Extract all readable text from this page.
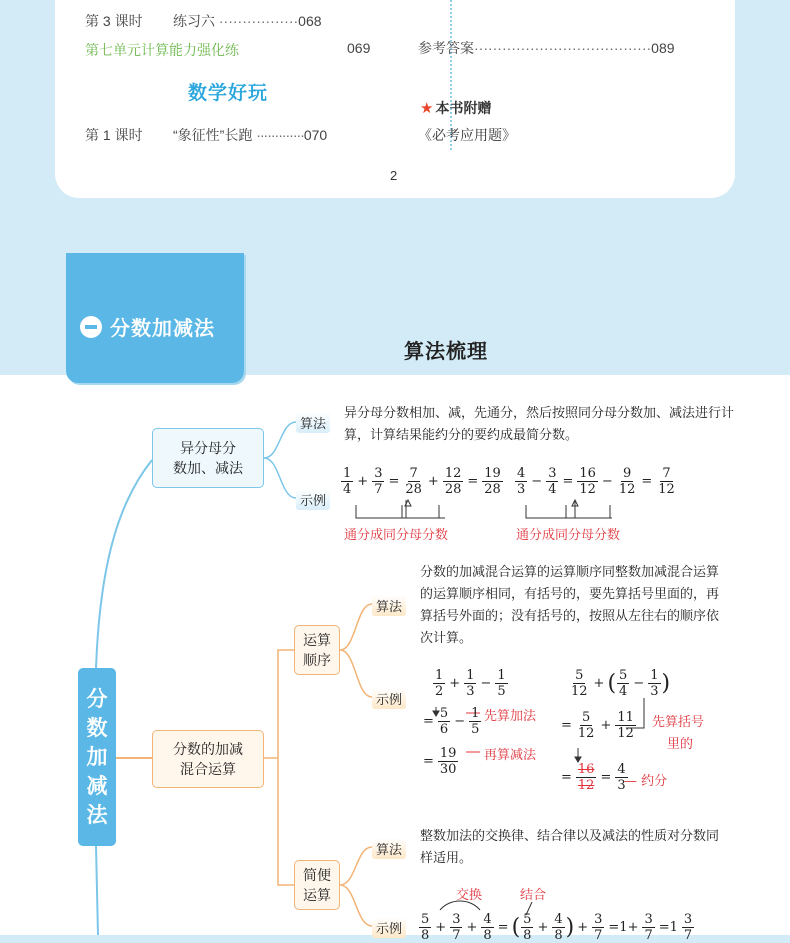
第 3 课时 练习六 ·················068
第七单元计算能力强化练 ·	069
数学好玩
第 1 课时 “象征性”长跑 ·············070
参考答案······································089
★ 本书附赠
《必考应用题》
2
分数加减法
算法梳理
分
数
加
减
法
异分母分
数加、减法
算法
异分母分数相加、减，先通分，然后按照同分母分数加、减法进行计算，计算结果能约分的要约成最简分数。
示例
$\frac{1}{4} + \frac{3}{7} = \frac{7}{28} + \frac{12}{28} = \frac{19}{28} \frac{4}{3} - \frac{3}{4} = \frac{16}{12} - \frac{9}{12} = \frac{7}{12}$
通分成同分母分数	通分成同分母分数
分数的加减
混合运算
运算
顺序
算法
分数的加减混合运算的运算顺序同整数加减混合运算的运算顺序相同，有括号的，要先算括号里面的，再算括号外面的；没有括号的，按照从左往右的顺序依次计算。
示例
$\frac{1}{2} + \frac{1}{3} - \frac{1}{5}$
= $\frac{5}{6} - \frac{1}{5}$
= $\frac{19}{30}$
先算加法
再算减法
$\frac{5}{12}$ + ( $\frac{5}{4} - \frac{1}{3}$ )
= $\frac{5}{12} + \frac{11}{12}$ 先算括号
里的
= $\frac{16}{12} = \frac{4}{3}$
— 约分
简便
运算
算法
整数加法的交换律、结合律以及减法的性质对分数同样适用。
交换	结合
示例	$\frac{5}{8} + \frac{3}{7} + \frac{4}{8}$ = ( $\frac{5}{8} + \frac{4}{8}$ ) + $\frac{3}{7} =1+ \frac{3}{7} =1 \frac{3}{7}$
